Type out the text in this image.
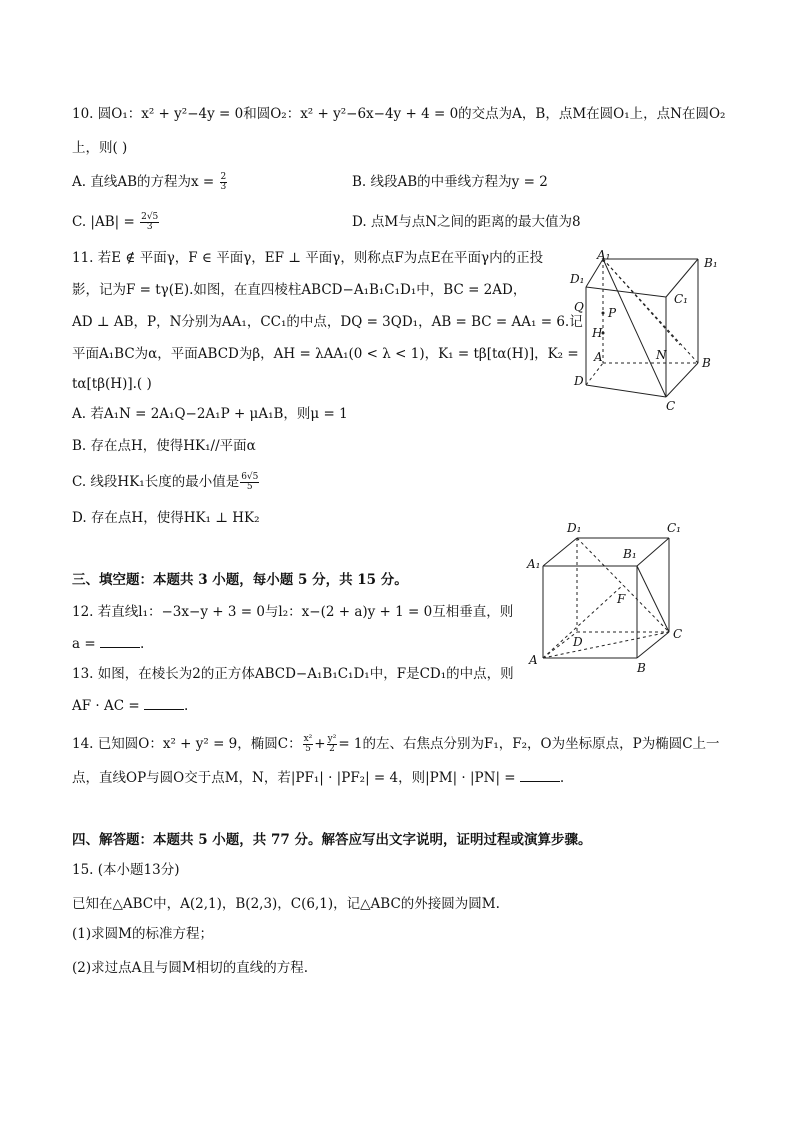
10. 圆O₁：x² + y²−4y = 0和圆O₂：x² + y²−6x−4y + 4 = 0的交点为A，B，点M在圆O₁上，点N在圆O₂
上，则( )
A. 直线AB的方程为$x = \frac{2}{3}$	B. 线段AB的中垂线方程为y = 2
C. $|AB| = \frac{2√5}{3}$	D. 点M与点N之间的距离的最大值为8
11. 若E ∉ 平面γ，F ∈ 平面γ，EF ⊥ 平面γ，则称点F为点E在平面γ内的正投
影，记为F = tγ(E).如图，在直四棱柱ABCD−A₁B₁C₁D₁中，BC = 2AD，
AD ⊥ AB，P，N分别为AA₁，CC₁的中点，DQ = 3QD₁，AB = BC = AA₁ = 6.记
平面A₁BC为α，平面ABCD为β，AH = λAA₁(0 < λ < 1)，K₁ = tβ[tα(H)]，K₂ =
tα[tβ(H)].( )
A. 若A₁N = 2A₁Q−2A₁P + μA₁B，则μ = 1
B. 存在点H，使得HK₁//平面α
C. 线段HK₁长度的最小值是 $\frac{6√5}{5}$
D. 存在点H，使得HK₁ ⊥ HK₂
三、填空题：本题共 3 小题，每小题 5 分，共 15 分。
12. 若直线l₁：−3x−y + 3 = 0与l₂：x−(2 + a)y + 1 = 0互相垂直，则
a =	.
13. 如图，在棱长为2的正方体ABCD−A₁B₁C₁D₁中，F是CD₁的中点，则
AF · AC =	.
14. 已知圆O：x² + y² = 9，椭圆C： $\frac{\text{x²}}{5} + \frac{\text{y²}}{2} = 1$的左、右焦点分别为F₁，F₂，O为坐标原点，P为椭圆C上一
点，直线OP与圆O交于点M，N，若|PF₁| · |PF₂| = 4，则|PM| · |PN| =	.
四、解答题：本题共 5 小题，共 77 分。解答应写出文字说明，证明过程或演算步骤。
15. (本小题13分)
已知在△ABC中，A(2,1)，B(2,3)，C(6,1)，记△ABC的外接圆为圆M.
(1)求圆M的标准方程；
(2)求过点A且与圆M相切的直线的方程.
A₁
B₁
D₁
C₁
Q P
H
A	N
B
D
C
D₁	C₁
A₁
B₁
F
D
C
A
B
